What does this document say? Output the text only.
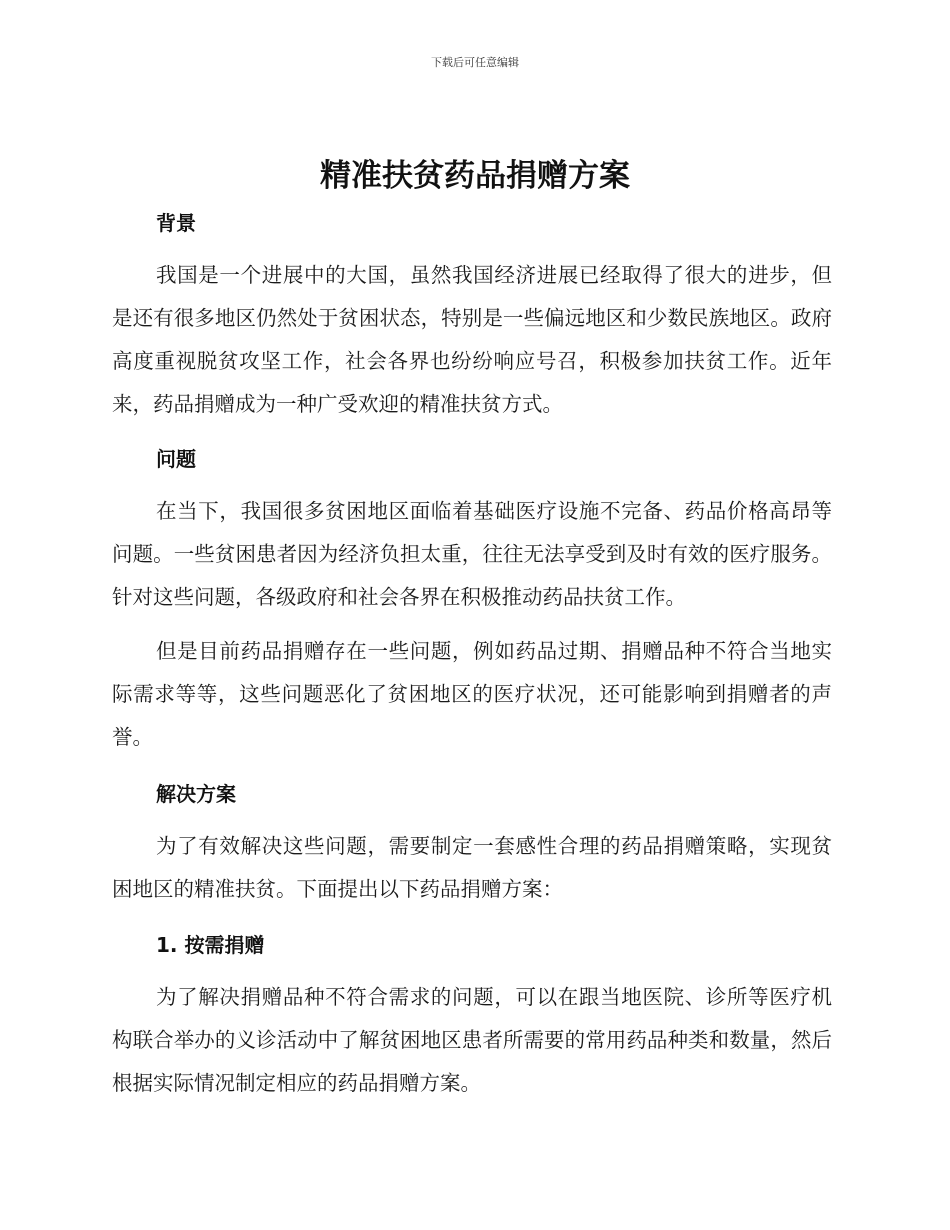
下载后可任意编辑
精准扶贫药品捐赠方案
背景

我国是一个进展中的大国，虽然我国经济进展已经取得了很大的进步，但是还有很多地区仍然处于贫困状态，特别是一些偏远地区和少数民族地区。政府高度重视脱贫攻坚工作，社会各界也纷纷响应号召，积极参加扶贫工作。近年来，药品捐赠成为一种广受欢迎的精准扶贫方式。

问题

在当下，我国很多贫困地区面临着基础医疗设施不完备、药品价格高昂等问题。一些贫困患者因为经济负担太重，往往无法享受到及时有效的医疗服务。针对这些问题，各级政府和社会各界在积极推动药品扶贫工作。

但是目前药品捐赠存在一些问题，例如药品过期、捐赠品种不符合当地实际需求等等，这些问题恶化了贫困地区的医疗状况，还可能影响到捐赠者的声誉。

解决方案

为了有效解决这些问题，需要制定一套感性合理的药品捐赠策略，实现贫困地区的精准扶贫。下面提出以下药品捐赠方案：

1. 按需捐赠

为了解决捐赠品种不符合需求的问题，可以在跟当地医院、诊所等医疗机构联合举办的义诊活动中了解贫困地区患者所需要的常用药品种类和数量，然后根据实际情况制定相应的药品捐赠方案。
